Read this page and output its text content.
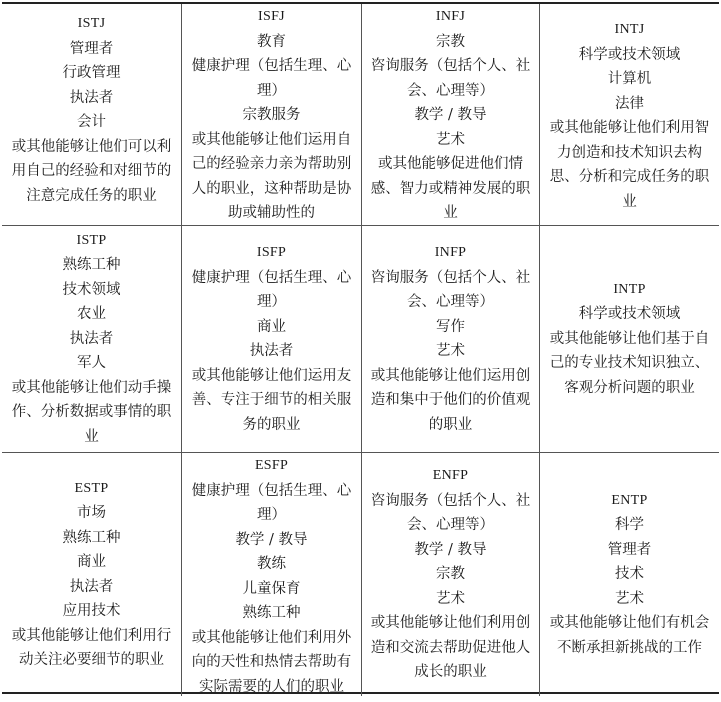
ISTJ
管理者
行政管理
执法者
会计
或其他能够让他们可以利用自己的经验和对细节的注意完成任务的职业
ISFJ
教育
健康护理（包括生理、心理）
宗教服务
或其他能够让他们运用自己的经验亲力亲为帮助别人的职业，这种帮助是协助或辅助性的
INFJ
宗教
咨询服务（包括个人、社会、心理等）
教学 / 教导
艺术
或其他能够促进他们情感、智力或精神发展的职业
INTJ
科学或技术领域
计算机
法律
或其他能够让他们利用智力创造和技术知识去构思、分析和完成任务的职业
ISTP
熟练工种
技术领域
农业
执法者
军人
或其他能够让他们动手操作、分析数据或事情的职业
ISFP
健康护理（包括生理、心理）
商业
执法者
或其他能够让他们运用友善、专注于细节的相关服务的职业
INFP
咨询服务（包括个人、社会、心理等）
写作
艺术
或其他能够让他们运用创造和集中于他们的价值观的职业
INTP
科学或技术领域
或其他能够让他们基于自己的专业技术知识独立、客观分析问题的职业
ESTP
市场
熟练工种
商业
执法者
应用技术
或其他能够让他们利用行动关注必要细节的职业
ESFP
健康护理（包括生理、心理）
教学 / 教导
教练
儿童保育
熟练工种
或其他能够让他们利用外向的天性和热情去帮助有实际需要的人们的职业
ENFP
咨询服务（包括个人、社会、心理等）
教学 / 教导
宗教
艺术
或其他能够让他们利用创造和交流去帮助促进他人成长的职业
ENTP
科学
管理者
技术
艺术
或其他能够让他们有机会不断承担新挑战的工作
